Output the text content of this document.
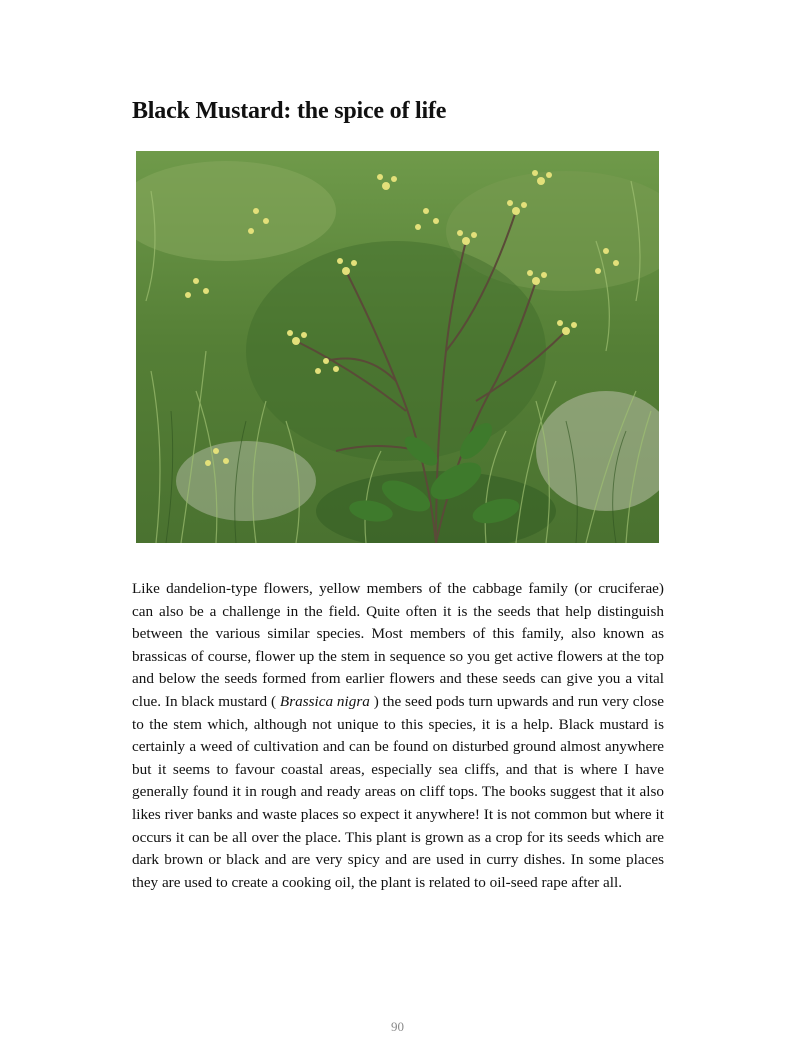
Black Mustard: the spice of life

Like dandelion-type flowers, yellow members of the cabbage family (or cruciferae) can also be a challenge in the field. Quite often it is the seeds that help distinguish between the various similar species. Most members of this family, also known as brassicas of course, flower up the stem in sequence so you get active flowers at the top and below the seeds formed from earlier flowers and these seeds can give you a vital clue. In black mustard ( Brassica nigra ) the seed pods turn upwards and run very close to the stem which, although not unique to this species, it is a help. Black mustard is certainly a weed of cultivation and can be found on disturbed ground almost anywhere but it seems to favour coastal areas, especially sea cliffs, and that is where I have generally found it in rough and ready areas on cliff tops. The books suggest that it also likes river banks and waste places so expect it anywhere! It is not common but where it occurs it can be all over the place. This plant is grown as a crop for its seeds which are dark brown or black and are very spicy and are used in curry dishes. In some places they are used to create a cooking oil, the plant is related to oil-seed rape after all.

90
